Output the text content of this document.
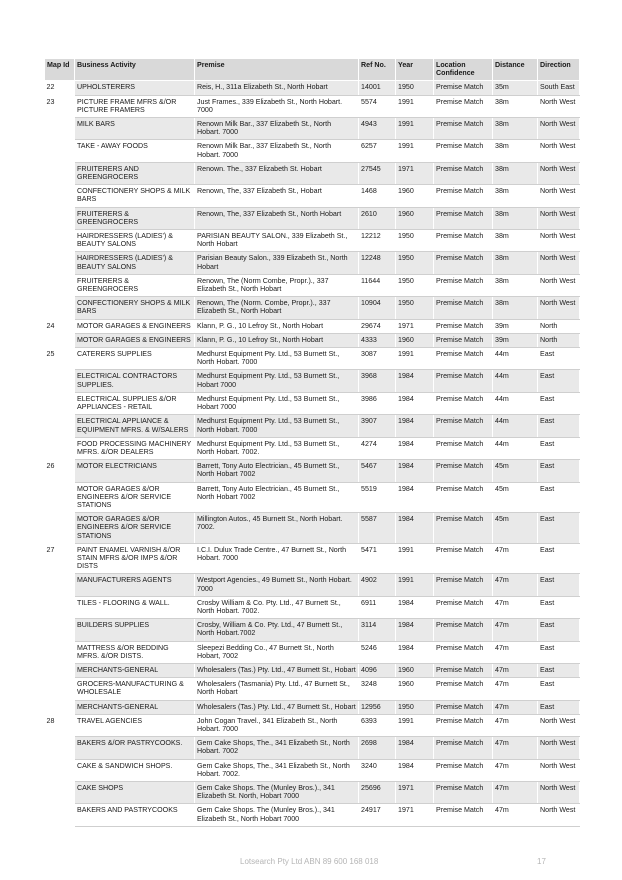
Map Id	Business Activity	Premise	Ref No.	Year	Location Confidence	Distance	Direction
22	UPHOLSTERERS	Reis, H., 311a Elizabeth St., North Hobart	14001	1950	Premise Match	35m	South East
23	PICTURE FRAME MFRS &/OR PICTURE FRAMERS	Just Frames., 339 Elizabeth St., North Hobart. 7000	5574	1991	Premise Match	38m	North West
	MILK BARS	Renown Milk Bar., 337 Elizabeth St., North Hobart. 7000	4943	1991	Premise Match	38m	North West
	TAKE - AWAY FOODS	Renown Milk Bar., 337 Elizabeth St., North Hobart. 7000	6257	1991	Premise Match	38m	North West
	FRUITERERS AND GREENGROCERS	Renown. The., 337 Elizabeth St. Hobart	27545	1971	Premise Match	38m	North West
	CONFECTIONERY SHOPS & MILK BARS	Renown, The, 337 Elizabeth St., Hobart	1468	1960	Premise Match	38m	North West
	FRUITERERS & GREENGROCERS	Renown, The, 337 Elizabeth St., North Hobart	2610	1960	Premise Match	38m	North West
	HAIRDRESSERS (LADIES') & BEAUTY SALONS	PARISIAN BEAUTY SALON., 339 Elizabeth St., North Hobart	12212	1950	Premise Match	38m	North West
	HAIRDRESSERS (LADIES') & BEAUTY SALONS	Parisian Beauty Salon., 339 Elizabeth St., North Hobart	12248	1950	Premise Match	38m	North West
	FRUITERERS & GREENGROCERS	Renown, The (Norm Combe, Propr.)., 337 Elizabeth St., North Hobart	11644	1950	Premise Match	38m	North West
	CONFECTIONERY SHOPS & MILK BARS	Renown, The (Norm. Combe, Propr.)., 337 Elizabeth St., North Hobart	10904	1950	Premise Match	38m	North West
24	MOTOR GARAGES & ENGINEERS	Klann, P. G., 10 Lefroy St., North Hobart	29674	1971	Premise Match	39m	North
	MOTOR GARAGES & ENGINEERS	Klann, P. G., 10 Lefroy St., North Hobart	4333	1960	Premise Match	39m	North
25	CATERERS SUPPLIES	Medhurst Equipment Pty. Ltd., 53 Burnett St., North Hobart. 7000	3087	1991	Premise Match	44m	East
	ELECTRICAL CONTRACTORS SUPPLIES.	Medhurst Equipment Pty. Ltd., 53 Burnett St., Hobart 7000	3968	1984	Premise Match	44m	East
	ELECTRICAL SUPPLIES &/OR APPLIANCES - RETAIL	Medhurst Equipment Pty. Ltd., 53 Burnett St., Hobart 7000	3986	1984	Premise Match	44m	East
	ELECTRICAL APPLIANCE & EQUIPMENT MFRS. & W/SALERS	Medhurst Equipment Pty. Ltd., 53 Burnett St., North Hobart. 7000	3907	1984	Premise Match	44m	East
	FOOD PROCESSING MACHINERY MFRS. &/OR DEALERS	Medhurst Equipment Pty. Ltd., 53 Burnett St., North Hobart. 7002.	4274	1984	Premise Match	44m	East
26	MOTOR ELECTRICIANS	Barrett, Tony Auto Electrician., 45 Burnett St., North Hobart 7002	5467	1984	Premise Match	45m	East
	MOTOR GARAGES &/OR ENGINEERS &/OR SERVICE STATIONS	Barrett, Tony Auto Electrician., 45 Burnett St., North Hobart 7002	5519	1984	Premise Match	45m	East
	MOTOR GARAGES &/OR ENGINEERS &/OR SERVICE STATIONS	Millington Autos., 45 Burnett St., North Hobart. 7002.	5587	1984	Premise Match	45m	East
27	PAINT ENAMEL VARNISH &/OR STAIN MFRS &/OR IMPS &/OR DISTS	I.C.I. Dulux Trade Centre., 47 Burnett St., North Hobart. 7000	5471	1991	Premise Match	47m	East
	MANUFACTURERS AGENTS	Westport Agencies., 49 Burnett St., North Hobart. 7000	4902	1991	Premise Match	47m	East
	TILES - FLOORING & WALL.	Crosby William & Co. Pty. Ltd., 47 Burnett St., North Hobart. 7002.	6911	1984	Premise Match	47m	East
	BUILDERS SUPPLIES	Crosby, William & Co. Pty. Ltd., 47 Burnett St., North Hobart.7002	3114	1984	Premise Match	47m	East
	MATTRESS &/OR BEDDING MFRS. &/OR DISTS.	Sleepezi Bedding Co., 47 Burnett St., North Hobart, 7002	5246	1984	Premise Match	47m	East
	MERCHANTS-GENERAL	Wholesalers (Tas.) Pty. Ltd., 47 Burnett St., Hobart	4096	1960	Premise Match	47m	East
	GROCERS-MANUFACTURING & WHOLESALE	Wholesalers (Tasmania) Pty. Ltd., 47 Burnett St., North Hobart	3248	1960	Premise Match	47m	East
	MERCHANTS-GENERAL	Wholesalers (Tas.) Pty. Ltd., 47 Burnett St., Hobart	12956	1950	Premise Match	47m	East
28	TRAVEL AGENCIES	John Cogan Travel., 341 Elizabeth St., North Hobart. 7000	6393	1991	Premise Match	47m	North West
	BAKERS &/OR PASTRYCOOKS.	Gem Cake Shops, The., 341 Elizabeth St., North Hobart. 7002	2698	1984	Premise Match	47m	North West
	CAKE & SANDWICH SHOPS.	Gem Cake Shops, The., 341 Elizabeth St., North Hobart. 7002.	3240	1984	Premise Match	47m	North West
	CAKE SHOPS	Gem Cake Shops. The (Munley Bros.)., 341 Elizabeth St. North, Hobart 7000	25696	1971	Premise Match	47m	North West
	BAKERS AND PASTRYCOOKS	Gem Cake Shops. The (Munley Bros.)., 341 Elizabeth St., North Hobart 7000	24917	1971	Premise Match	47m	North West
Lotsearch Pty Ltd ABN 89 600 168 018	17
